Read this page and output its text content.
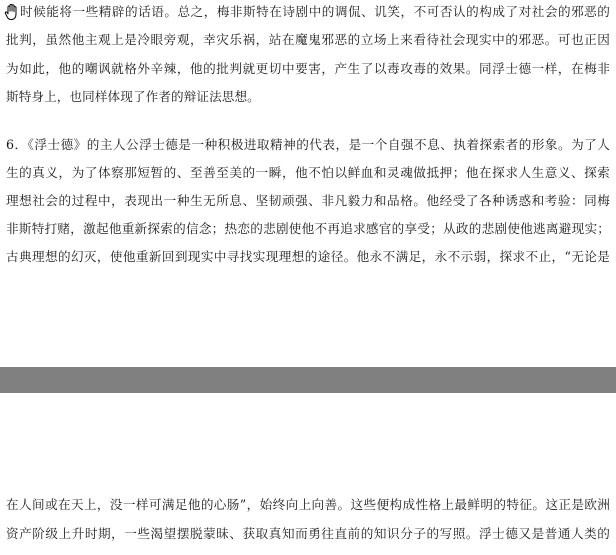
时候能将一些精辟的话语。总之，梅非斯特在诗剧中的调侃、讥笑，不可否认的构成了对社会的邪恶的
批判，虽然他主观上是冷眼旁观，幸灾乐祸，站在魔鬼邪恶的立场上来看待社会现实中的邪恶。可也正因
为如此，他的嘲讽就格外辛辣，他的批判就更切中要害，产生了以毒攻毒的效果。同浮士德一样，在梅非
斯特身上，也同样体现了作者的辩证法思想。
6．《浮士德》的主人公浮士德是一种积极进取精神的代表，是一个自强不息、执着探索者的形象。为了人
生的真义，为了体察那短暂的、至善至美的一瞬，他不怕以鲜血和灵魂做抵押；他在探求人生意义、探索
理想社会的过程中，表现出一种生无所息、坚韧顽强、非凡毅力和品格。他经受了各种诱惑和考验：同梅
非斯特打赌，激起他重新探索的信念；热恋的悲剧使他不再追求感官的享受；从政的悲剧使他逃离避现实；
古典理想的幻灭，使他重新回到现实中寻找实现理想的途径。他永不满足，永不示弱，探求不止，“无论是
在人间或在天上，没一样可满足他的心肠”，始终向上向善。这些便构成性格上最鲜明的特征。这正是欧洲
资产阶级上升时期，一些渴望摆脱蒙昧、获取真知而勇往直前的知识分子的写照。浮士德又是普通人类的
